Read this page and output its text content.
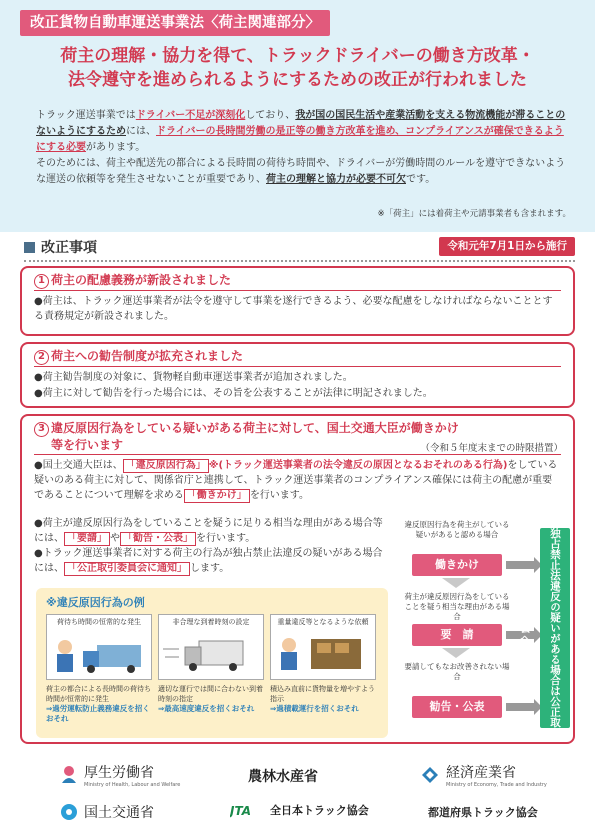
改正貨物自動車運送事業法〈荷主関連部分〉
荷主の理解・協力を得て、トラックドライバーの働き方改革・
法令遵守を進められるようにするための改正が行われました

トラック運送事業ではドライバー不足が深刻化しており、我が国の国民生活や産業活動を支える物流機能が滞ることのないようにするためには、ドライバーの長時間労働の是正等の働き方改革を進め、コンプライアンスが確保できるようにする必要があります。

そのためには、荷主や配送先の都合による長時間の荷待ち時間や、ドライバーが労働時間のルールを遵守できないような運送の依頼等を発生させないことが重要であり、荷主の理解と協力が必要不可欠です。

※「荷主」には着荷主や元請事業者も含まれます。
改正事項	令和元年7月1日から施行
1 荷主の配慮義務が新設されました
●荷主は、トラック運送事業者が法令を遵守して事業を遂行できるよう、必要な配慮をしなければならないこととする責務規定が新設されました。
2 荷主への勧告制度が拡充されました
●荷主勧告制度の対象に、貨物軽自動車運送事業者が追加されました。
●荷主に対して勧告を行った場合には、その旨を公表することが法律に明記されました。
3 違反原因行為をしている疑いがある荷主に対して、国土交通大臣が働きかけ
等を行います	（令和５年度末までの時限措置）
●国土交通大臣は、 「違反原因行為」 ※(トラック運送事業者の法令違反の原因となるおそれのある行為)をしている疑いのある荷主に対して、関係省庁と連携して、トラック運送事業者のコンプライアンス確保には荷主の配慮が重要であることについて理解を求める 「働きかけ」 を行います。
●荷主が違反原因行為をしていることを疑うに足りる相当な理由がある場合等には、 「要請」 や 「勧告・公表」 を行います。
●トラック運送事業者に対する荷主の行為が独占禁止法違反の疑いがある場合には、 「公正取引委員会に通知」 します。
違反原因行為を荷主がしている疑いがあると認める場合
働きかけ
荷主が違反原因行為をしていることを疑う相当な理由がある場合
要　請
要請してもなお改善されない場合
勧告・公表	独占禁止法違反の疑いがある場合は公正取引委員会へ通知
※違反原因行為の例
荷待ち時間の恒常的な発生	非合理な到着時刻の設定	重量違反等となるような依頼
荷主の都合による長時間の荷待ち時間が恒常的に発生
⇒過労運転防止義務違反を招くおそれ
適切な運行では間に合わない到着時刻の指定
⇒最高速度違反を招くおそれ
積込み直前に貨物量を増やすよう指示
⇒過積載運行を招くおそれ
厚生労働省
Ministry of Health, Labour and Welfare	農林水産省	経済産業省
Ministry of Economy, Trade and Industry
国土交通省	JTA 全日本トラック協会	都道府県トラック協会
